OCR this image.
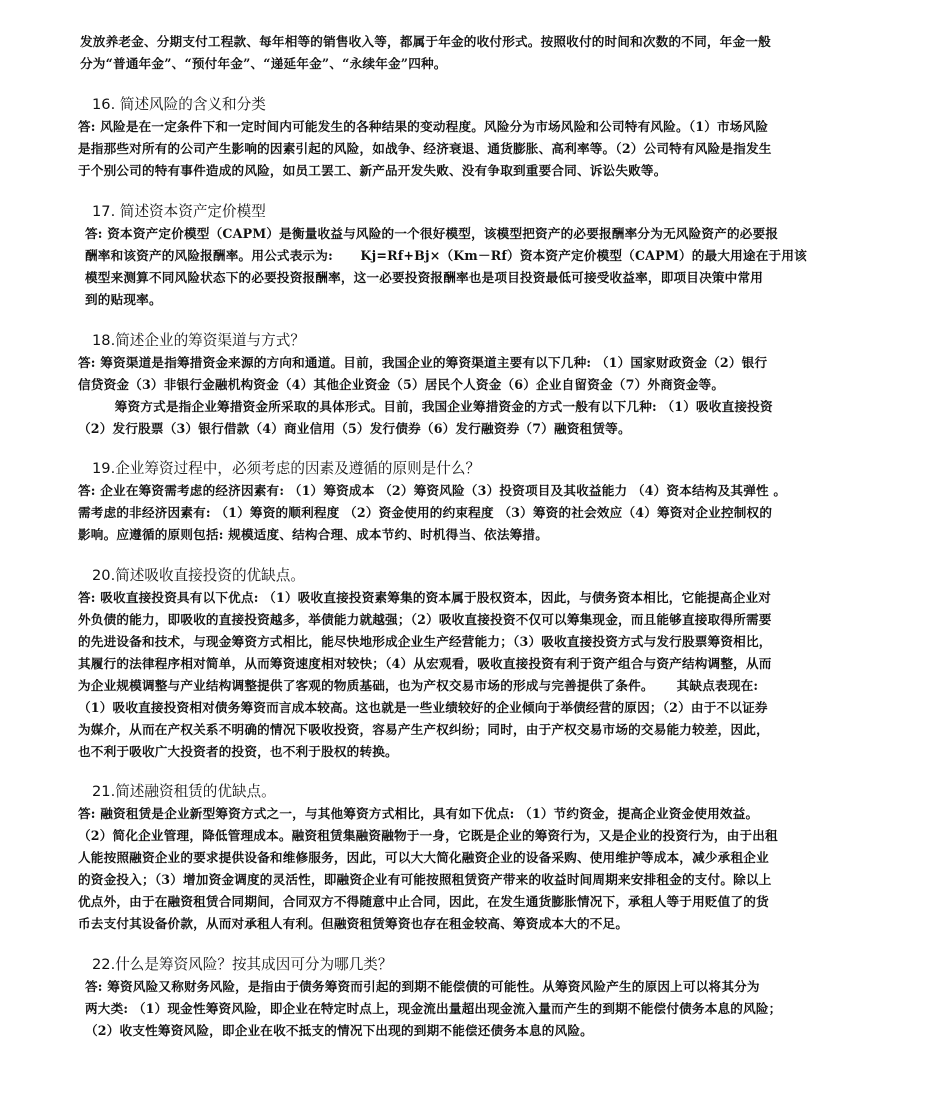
发放养老金、分期支付工程款、每年相等的销售收入等，都属于年金的收付形式。按照收付的时间和次数的不同，年金一般
分为“普通年金”、“预付年金”、“递延年金”、“永续年金”四种。
16. 简述风险的含义和分类
答: 风险是在一定条件下和一定时间内可能发生的各种结果的变动程度。风险分为市场风险和公司特有风险。（1）市场风险
是指那些对所有的公司产生影响的因素引起的风险，如战争、经济衰退、通货膨胀、高利率等。（2）公司特有风险是指发生
于个别公司的特有事件造成的风险，如员工罢工、新产品开发失败、没有争取到重要合同、诉讼失败等。
17. 简述资本资产定价模型
答: 资本资产定价模型（CAPM）是衡量收益与风险的一个很好模型，该模型把资产的必要报酬率分为无风险资产的必要报
酬率和该资产的风险报酬率。用公式表示为:      Kj=Rf+Bj×（Km－Rf）资本资产定价模型（CAPM）的最大用途在于用该
模型来测算不同风险状态下的必要投资报酬率，这一必要投资报酬率也是项目投资最低可接受收益率，即项目决策中常用
到的贴现率。
18.简述企业的筹资渠道与方式？
答: 筹资渠道是指筹措资金来源的方向和通道。目前，我国企业的筹资渠道主要有以下几种: （1）国家财政资金（2）银行
信贷资金（3）非银行金融机构资金（4）其他企业资金（5）居民个人资金（6）企业自留资金（7）外商资金等。
筹资方式是指企业筹措资金所采取的具体形式。目前，我国企业筹措资金的方式一般有以下几种: （1）吸收直接投资
（2）发行股票（3）银行借款（4）商业信用（5）发行债券（6）发行融资券（7）融资租赁等。
19.企业筹资过程中，必须考虑的因素及遵循的原则是什么？
答: 企业在筹资需考虑的经济因素有: （1）筹资成本 （2）筹资风险（3）投资项目及其收益能力 （4）资本结构及其弹性 。
需考虑的非经济因素有: （1）筹资的顺利程度 （2）资金使用的约束程度 （3）筹资的社会效应（4）筹资对企业控制权的
影响。应遵循的原则包括: 规模适度、结构合理、成本节约、时机得当、依法筹措。
20.简述吸收直接投资的优缺点。
答: 吸收直接投资具有以下优点: （1）吸收直接投资素筹集的资本属于股权资本，因此，与债务资本相比，它能提高企业对
外负债的能力，即吸收的直接投资越多，举债能力就越强；（2）吸收直接投资不仅可以筹集现金，而且能够直接取得所需要
的先进设备和技术，与现金筹资方式相比，能尽快地形成企业生产经营能力；（3）吸收直接投资方式与发行股票筹资相比，
其履行的法律程序相对简单，从而筹资速度相对较快；（4）从宏观看，吸收直接投资有利于资产组合与资产结构调整，从而
为企业规模调整与产业结构调整提供了客观的物质基础，也为产权交易市场的形成与完善提供了条件。     其缺点表现在:
（1）吸收直接投资相对债务筹资而言成本较高。这也就是一些业绩较好的企业倾向于举债经营的原因；（2）由于不以证券
为媒介，从而在产权关系不明确的情况下吸收投资，容易产生产权纠纷；同时，由于产权交易市场的交易能力较差，因此，
也不利于吸收广大投资者的投资，也不利于股权的转换。
21.简述融资租赁的优缺点。
答: 融资租赁是企业新型筹资方式之一，与其他筹资方式相比，具有如下优点: （1）节约资金，提高企业资金使用效益。
（2）简化企业管理，降低管理成本。融资租赁集融资融物于一身，它既是企业的筹资行为，又是企业的投资行为，由于出租
人能按照融资企业的要求提供设备和维修服务，因此，可以大大简化融资企业的设备采购、使用维护等成本，减少承租企业
的资金投入；（3）增加资金调度的灵活性，即融资企业有可能按照租赁资产带来的收益时间周期来安排租金的支付。除以上
优点外，由于在融资租赁合同期间，合同双方不得随意中止合同，因此，在发生通货膨胀情况下，承租人等于用贬值了的货
币去支付其设备价款，从而对承租人有利。但融资租赁筹资也存在租金较高、筹资成本大的不足。
22.什么是筹资风险？按其成因可分为哪几类？
答: 筹资风险又称财务风险，是指由于债务筹资而引起的到期不能偿债的可能性。从筹资风险产生的原因上可以将其分为
两大类: （1）现金性筹资风险，即企业在特定时点上，现金流出量超出现金流入量而产生的到期不能偿付债务本息的风险；
（2）收支性筹资风险，即企业在收不抵支的情况下出现的到期不能偿还债务本息的风险。
